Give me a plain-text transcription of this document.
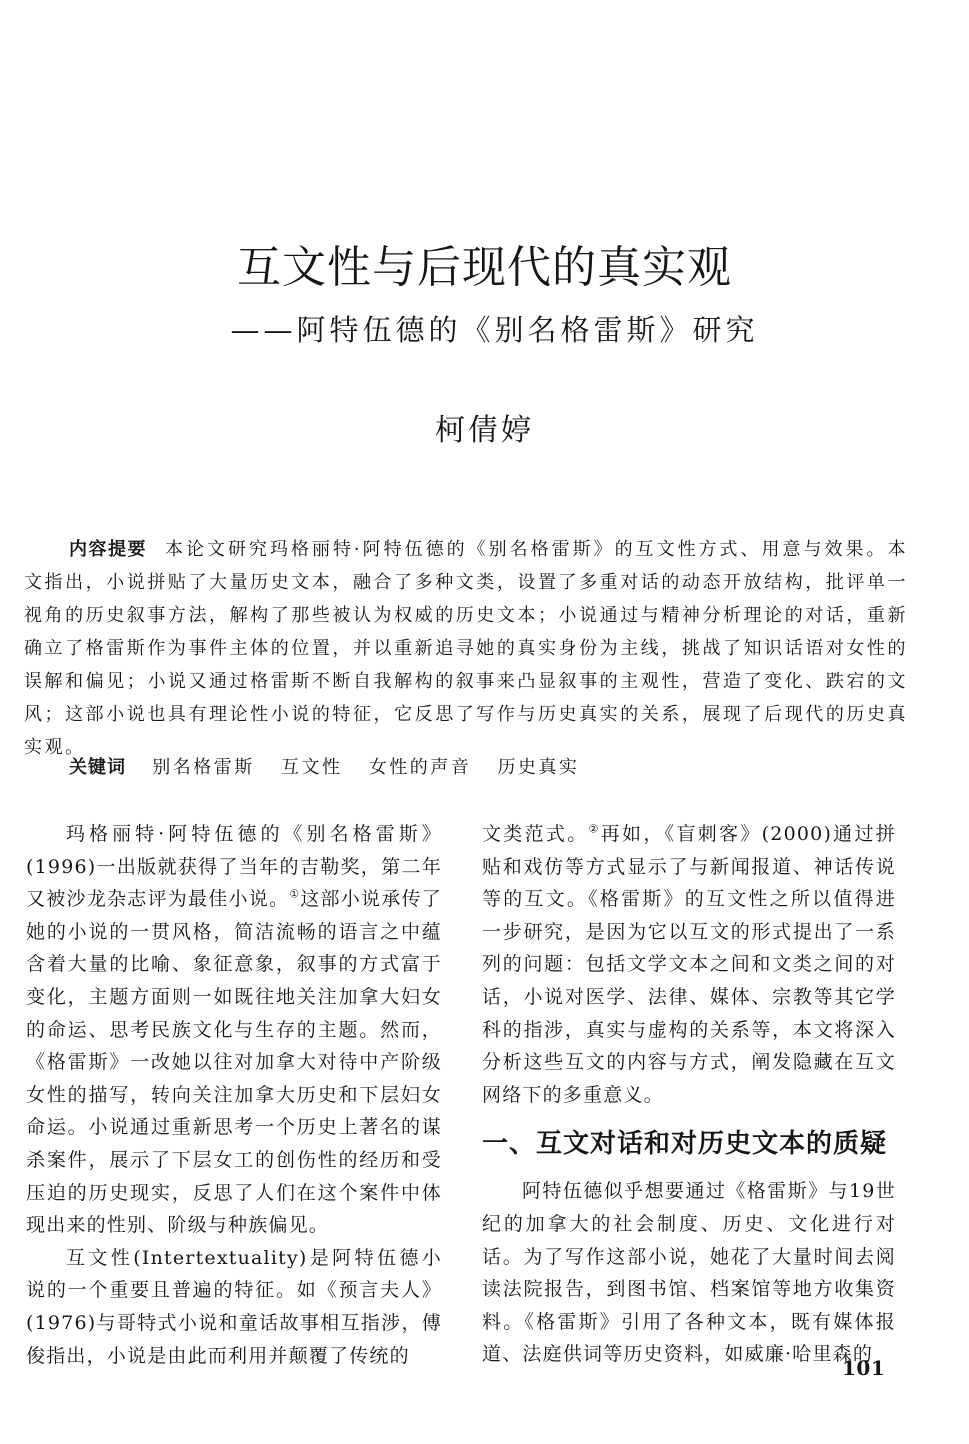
互文性与后现代的真实观
——阿特伍德的《别名格雷斯》研究
柯倩婷

内容提要 本论文研究玛格丽特·阿特伍德的《别名格雷斯》的互文性方式、用意与效果。本文指出，小说拼贴了大量历史文本，融合了多种文类，设置了多重对话的动态开放结构，批评单一视角的历史叙事方法，解构了那些被认为权威的历史文本；小说通过与精神分析理论的对话，重新确立了格雷斯作为事件主体的位置，并以重新追寻她的真实身份为主线，挑战了知识话语对女性的误解和偏见；小说又通过格雷斯不断自我解构的叙事来凸显叙事的主观性，营造了变化、跌宕的文风；这部小说也具有理论性小说的特征，它反思了写作与历史真实的关系，展现了后现代的历史真实观。

关键词 别名格雷斯 互文性 女性的声音 历史真实

玛格丽特·阿特伍德的《别名格雷斯》(1996)一出版就获得了当年的吉勒奖，第二年又被沙龙杂志评为最佳小说。①这部小说承传了她的小说的一贯风格，简洁流畅的语言之中蕴含着大量的比喻、象征意象，叙事的方式富于变化，主题方面则一如既往地关注加拿大妇女的命运、思考民族文化与生存的主题。然而，《格雷斯》一改她以往对加拿大对待中产阶级女性的描写，转向关注加拿大历史和下层妇女命运。小说通过重新思考一个历史上著名的谋杀案件，展示了下层女工的创伤性的经历和受压迫的历史现实，反思了人们在这个案件中体现出来的性别、阶级与种族偏见。

互文性(Intertextuality)是阿特伍德小说的一个重要且普遍的特征。如《预言夫人》(1976)与哥特式小说和童话故事相互指涉，傅俊指出，小说是由此而利用并颠覆了传统的

文类范式。②再如，《盲刺客》(2000)通过拼贴和戏仿等方式显示了与新闻报道、神话传说等的互文。《格雷斯》的互文性之所以值得进一步研究，是因为它以互文的形式提出了一系列的问题：包括文学文本之间和文类之间的对话，小说对医学、法律、媒体、宗教等其它学科的指涉，真实与虚构的关系等，本文将深入分析这些互文的内容与方式，阐发隐藏在互文网络下的多重意义。

一、互文对话和对历史文本的质疑

阿特伍德似乎想要通过《格雷斯》与19世纪的加拿大的社会制度、历史、文化进行对话。为了写作这部小说，她花了大量时间去阅读法院报告，到图书馆、档案馆等地方收集资料。《格雷斯》引用了各种文本，既有媒体报道、法庭供词等历史资料，如威廉·哈里森的

101
